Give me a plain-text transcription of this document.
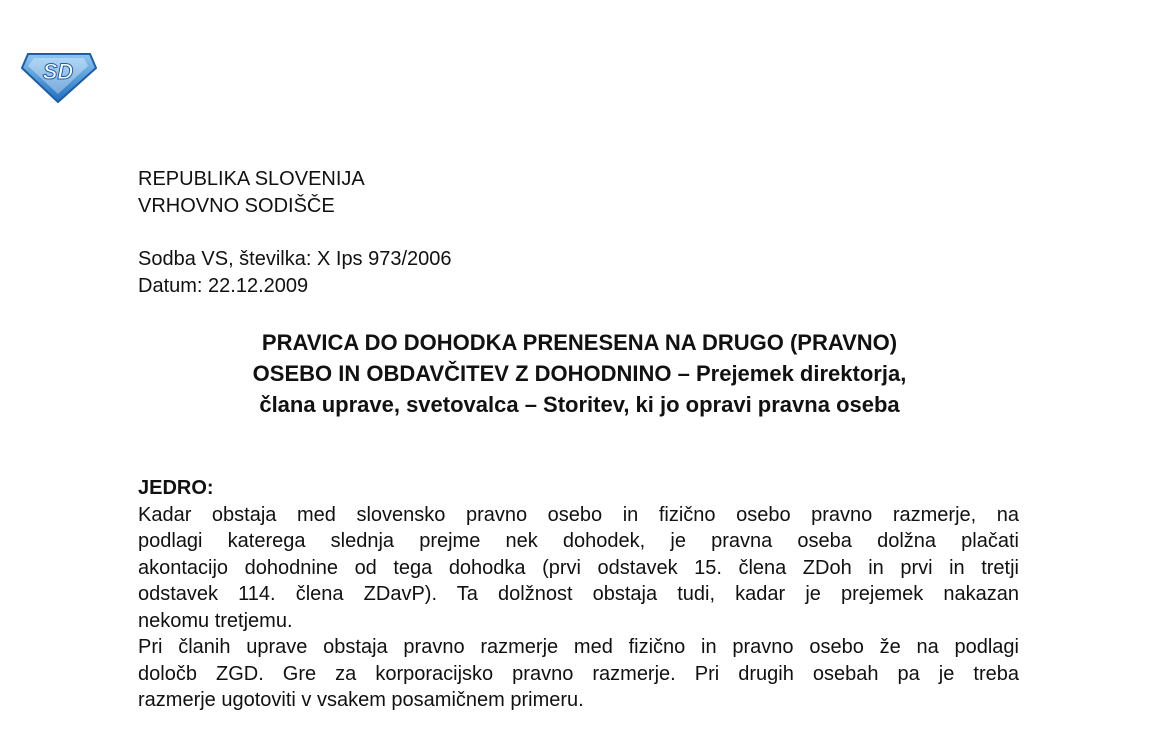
SD
REPUBLIKA SLOVENIJA
VRHOVNO SODIŠČE
Sodba VS, številka: X Ips 973/2006
Datum: 22.12.2009
PRAVICA DO DOHODKA PRENESENA NA DRUGO (PRAVNO)
OSEBO IN OBDAVČITEV Z DOHODNINO – Prejemek direktorja,
člana uprave, svetovalca – Storitev, ki jo opravi pravna oseba
JEDRO:
Kadar obstaja med slovensko pravno osebo in fizično osebo pravno razmerje, na
podlagi katerega slednja prejme nek dohodek, je pravna oseba dolžna plačati
akontacijo dohodnine od tega dohodka (prvi odstavek 15. člena ZDoh in prvi in tretji
odstavek 114. člena ZDavP). Ta dolžnost obstaja tudi, kadar je prejemek nakazan
nekomu tretjemu.
Pri članih uprave obstaja pravno razmerje med fizično in pravno osebo že na podlagi
določb ZGD. Gre za korporacijsko pravno razmerje. Pri drugih osebah pa je treba
razmerje ugotoviti v vsakem posamičnem primeru.
